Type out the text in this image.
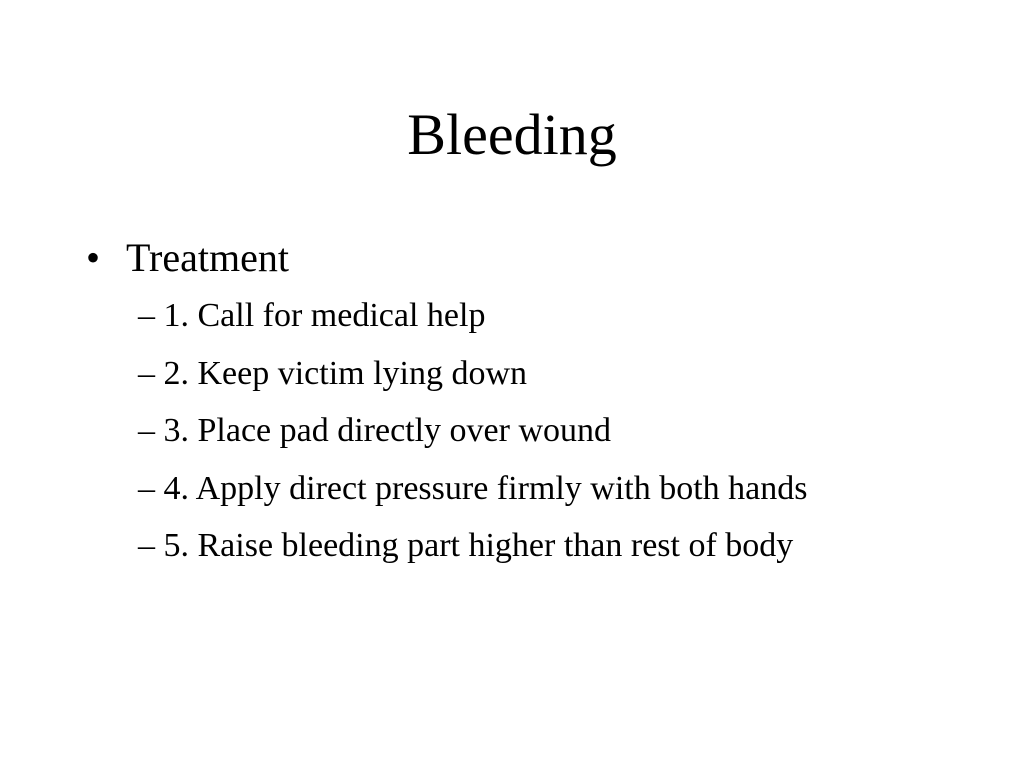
Bleeding
• Treatment
– 1. Call for medical help
– 2. Keep victim lying down
– 3. Place pad directly over wound
– 4. Apply direct pressure firmly with both hands
– 5. Raise bleeding part higher than rest of body
